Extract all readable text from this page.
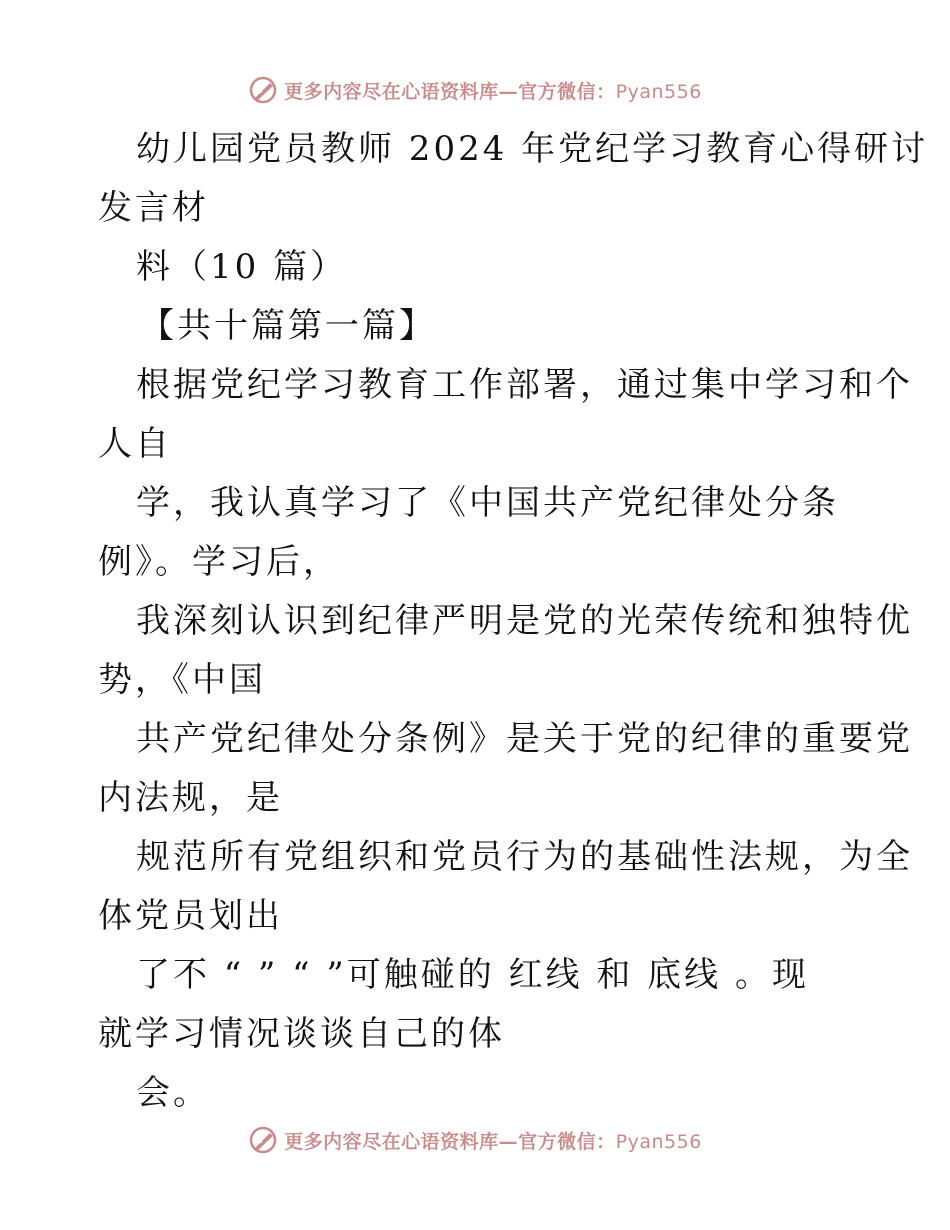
更多内容尽在心语资料库—官方微信：Pyan556
幼儿园党员教师 2024 年党纪学习教育心得研讨
发言材
料（10 篇）
【共十篇第一篇】
根据党纪学习教育工作部署，通过集中学习和个
人自
学，我认真学习了《中国共产党纪律处分条
例》。学习后，
我深刻认识到纪律严明是党的光荣传统和独特优
势，《中国
共产党纪律处分条例》是关于党的纪律的重要党
内法规，是
规范所有党组织和党员行为的基础性法规，为全
体党员划出
了不 “ ” “ ”可触碰的 红线 和 底线 。现
就学习情况谈谈自己的体
会。
更多内容尽在心语资料库—官方微信：Pyan556
